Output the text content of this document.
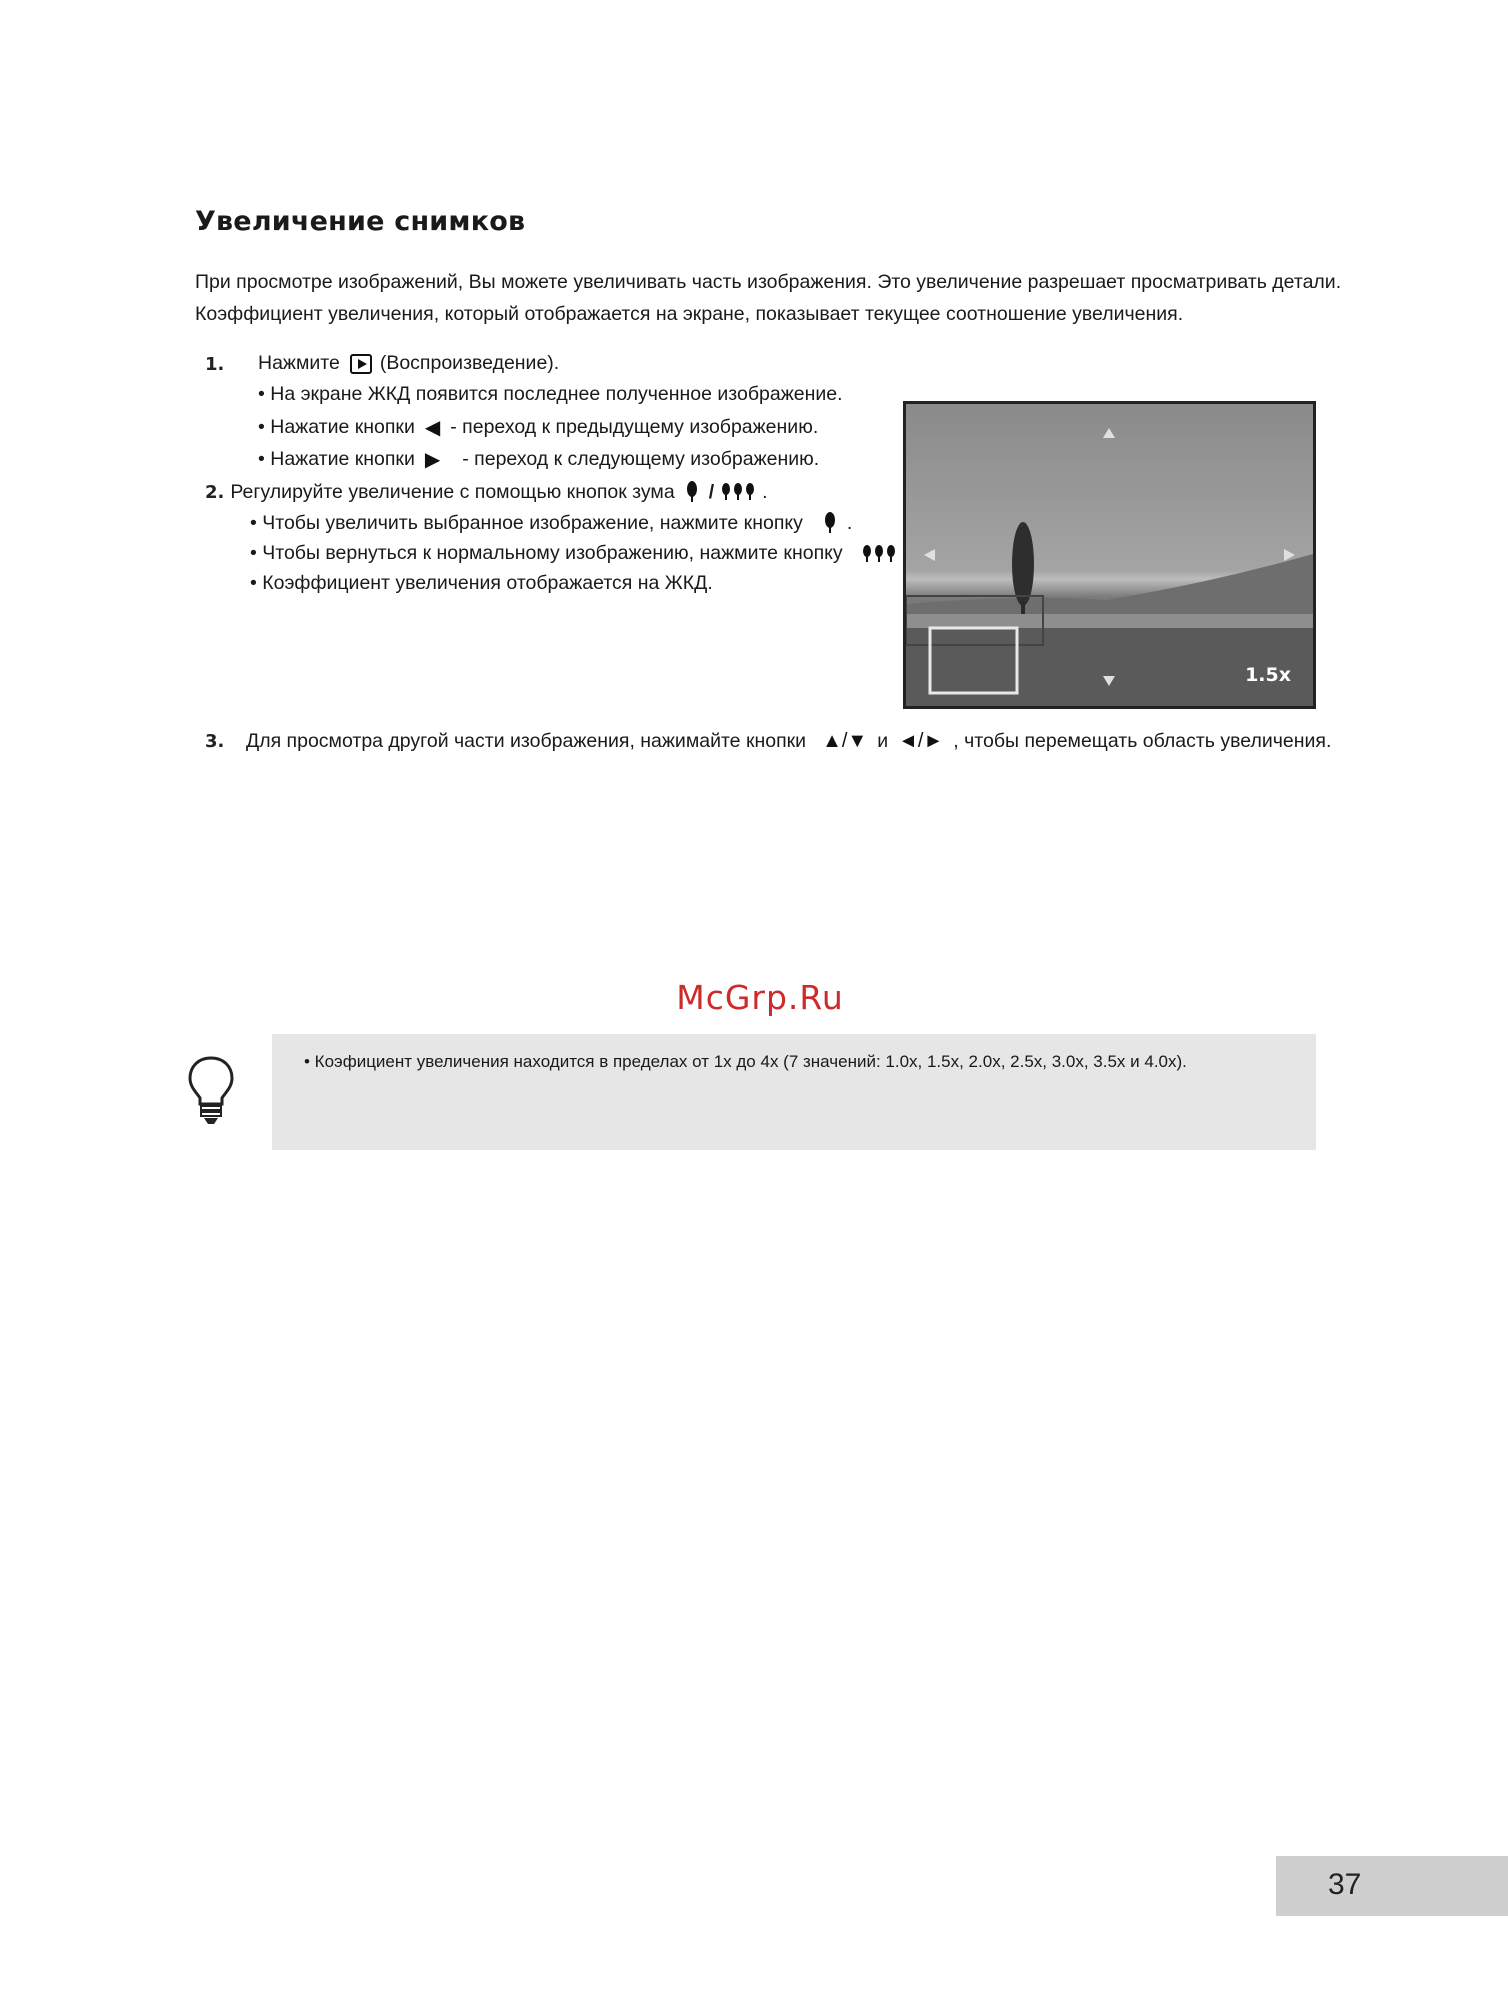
Увеличение снимков
При просмотре изображений, Вы можете увеличивать часть изображения. Это увеличение разрешает просматривать детали. Коэффициент увеличения, который отображается на экране, показывает текущее соотношение увеличения.
1. Нажмите (Воспроизведение).
• На экране ЖКД появится последнее полученное изображение.
• Нажатие кнопки ◀ - переход к предыдущему изображению.
• Нажатие кнопки ▶ - переход к следующему изображению.
2. Регулируйте увеличение с помощью кнопок зума / .
• Чтобы увеличить выбранное изображение, нажмите кнопку .
• Чтобы вернуться к нормальному изображению, нажмите кнопку
• Коэффициент увеличения отображается на ЖКД.
1.5x
3. Для просмотра другой части изображения, нажимайте кнопки ▲/▼ и ◄/► , чтобы перемещать область увеличения.
McGrp.Ru
• Коэфициент увеличения находится в пределах от 1x до 4x (7 значений: 1.0x, 1.5x, 2.0x, 2.5x, 3.0x, 3.5x и 4.0x).
37
